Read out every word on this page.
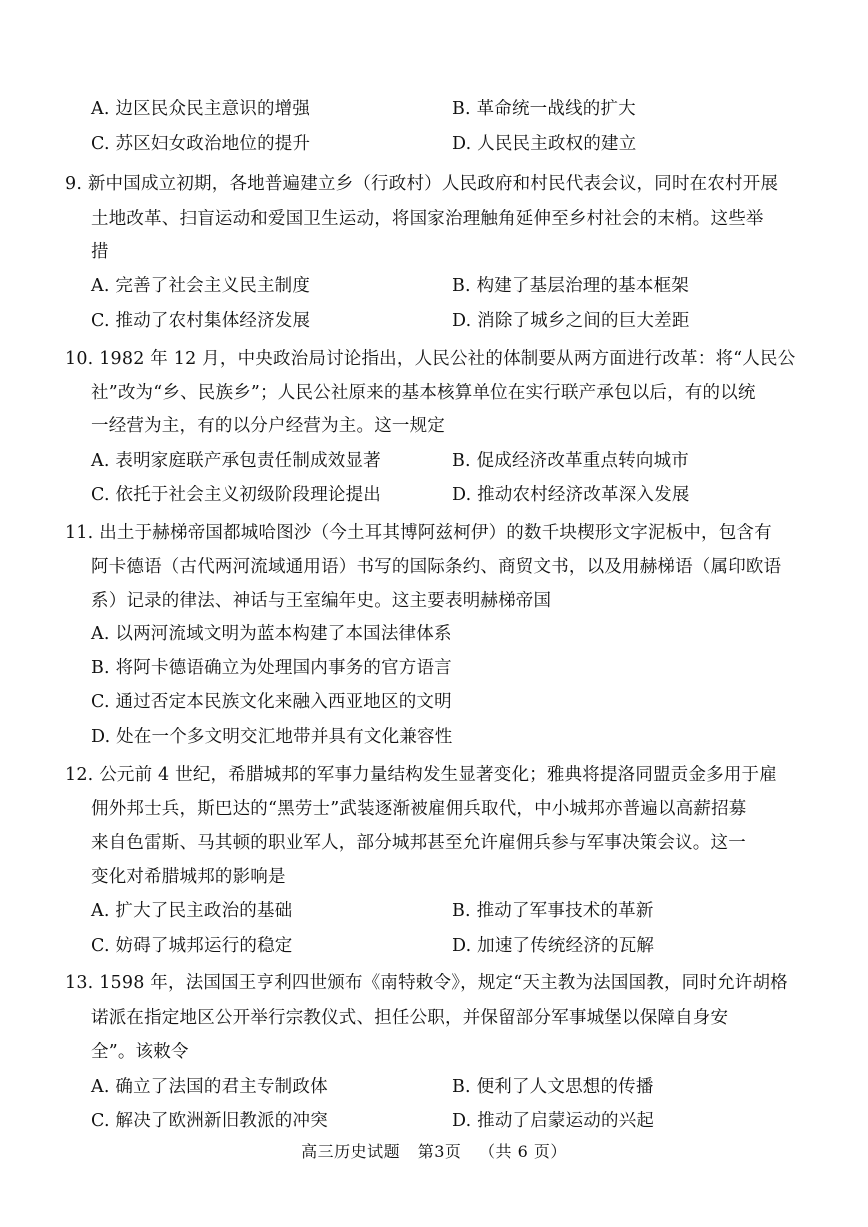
A. 边区民众民主意识的增强	B. 革命统一战线的扩大
C. 苏区妇女政治地位的提升	D. 人民民主政权的建立
9. 新中国成立初期，各地普遍建立乡（行政村）人民政府和村民代表会议，同时在农村开展
土地改革、扫盲运动和爱国卫生运动，将国家治理触角延伸至乡村社会的末梢。这些举
措
A. 完善了社会主义民主制度	B. 构建了基层治理的基本框架
C. 推动了农村集体经济发展	D. 消除了城乡之间的巨大差距
10. 1982 年 12 月，中央政治局讨论指出，人民公社的体制要从两方面进行改革：将“人民公
社”改为“乡、民族乡”；人民公社原来的基本核算单位在实行联产承包以后，有的以统
一经营为主，有的以分户经营为主。这一规定
A. 表明家庭联产承包责任制成效显著	B. 促成经济改革重点转向城市
C. 依托于社会主义初级阶段理论提出	D. 推动农村经济改革深入发展
11. 出土于赫梯帝国都城哈图沙（今土耳其博阿兹柯伊）的数千块楔形文字泥板中，包含有
阿卡德语（古代两河流域通用语）书写的国际条约、商贸文书，以及用赫梯语（属印欧语
系）记录的律法、神话与王室编年史。这主要表明赫梯帝国
A. 以两河流域文明为蓝本构建了本国法律体系
B. 将阿卡德语确立为处理国内事务的官方语言
C. 通过否定本民族文化来融入西亚地区的文明
D. 处在一个多文明交汇地带并具有文化兼容性
12. 公元前 4 世纪，希腊城邦的军事力量结构发生显著变化；雅典将提洛同盟贡金多用于雇
佣外邦士兵，斯巴达的“黑劳士”武装逐渐被雇佣兵取代，中小城邦亦普遍以高薪招募
来自色雷斯、马其顿的职业军人，部分城邦甚至允许雇佣兵参与军事决策会议。这一
变化对希腊城邦的影响是
A. 扩大了民主政治的基础	B. 推动了军事技术的革新
C. 妨碍了城邦运行的稳定	D. 加速了传统经济的瓦解
13. 1598 年，法国国王亨利四世颁布《南特敕令》，规定“天主教为法国国教，同时允许胡格
诺派在指定地区公开举行宗教仪式、担任公职，并保留部分军事城堡以保障自身安
全”。该敕令
A. 确立了法国的君主专制政体	B. 便利了人文思想的传播
C. 解决了欧洲新旧教派的冲突	D. 推动了启蒙运动的兴起
高三历史试题 第3页 （共 6 页）
